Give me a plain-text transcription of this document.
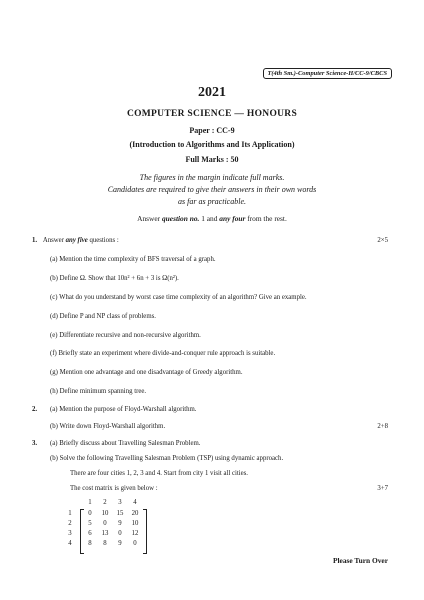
T(4th Sm.)-Computer Science-H/CC-9/CBCS
2021
COMPUTER SCIENCE — HONOURS
Paper : CC-9
(Introduction to Algorithms and Its Application)
Full Marks : 50
The figures in the margin indicate full marks.
Candidates are required to give their answers in their own words
as far as practicable.
Answer question no. 1 and any four from the rest.
1. Answer any five questions :	2×5
(a) Mention the time complexity of BFS traversal of a graph.
(b) Define Ω. Show that 10n² + 6n + 3 is Ω(n²).
(c) What do you understand by worst case time complexity of an algorithm? Give an example.
(d) Define P and NP class of problems.
(e) Differentiate recursive and non-recursive algorithm.
(f) Briefly state an experiment where divide-and-conquer rule approach is suitable.
(g) Mention one advantage and one disadvantage of Greedy algorithm.
(h) Define minimum spanning tree.
2. (a) Mention the purpose of Floyd-Warshall algorithm.
(b) Write down Floyd-Warshall algorithm.	2+8
3. (a) Briefly discuss about Travelling Salesman Problem.
(b) Solve the following Travelling Salesman Problem (TSP) using dynamic approach.
There are four cities 1, 2, 3 and 4. Start from city 1 visit all cities.
The cost matrix is given below :	3+7
1	2	3	4
1	0	10	15	20
2	5	0	9	10
3	6	13	0	12
4	8	8	9	0
Please Turn Over
